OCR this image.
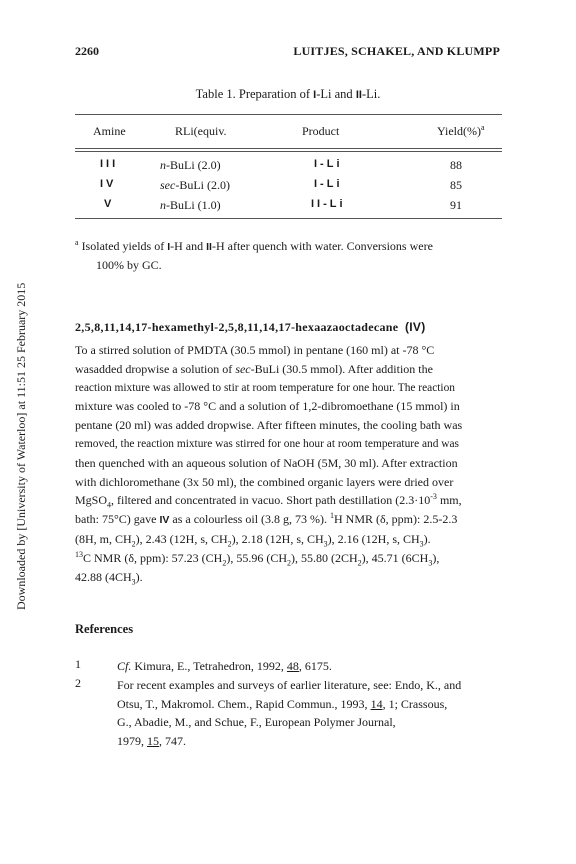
2260	LUITJES, SCHAKEL, AND KLUMPP
Table 1. Preparation of I-Li and II-Li.
Amine	RLi(equiv.	Product	Yield(%)$^a$
III	n-BuLi (2.0)	I-Li	88
IV	sec-BuLi (2.0)	I-Li	85
V	n-BuLi (1.0)	II-Li	91
$^a$ Isolated yields of I-H and II-H after quench with water. Conversions were
100% by GC.
2,5,8,11,14,17-hexamethyl-2,5,8,11,14,17-hexaazaoctadecane (IV)
To a stirred solution of PMDTA (30.5 mmol) in pentane (160 ml) at -78 °C
wasadded dropwise a solution of sec-BuLi (30.5 mmol). After addition the
reaction mixture was allowed to stir at room temperature for one hour. The reaction
mixture was cooled to -78 °C and a solution of 1,2-dibromoethane (15 mmol) in
pentane (20 ml) was added dropwise. After fifteen minutes, the cooling bath was
removed, the reaction mixture was stirred for one hour at room temperature and was
then quenched with an aqueous solution of NaOH (5M, 30 ml). After extraction
with dichloromethane (3x 50 ml), the combined organic layers were dried over
MgSO$_4$, filtered and concentrated in vacuo. Short path destillation ($2.3\cdot 10^{-3}$ mm,
bath: 75°C) gave IV as a colourless oil (3.8 g, 73 %). $^1$H NMR (δ, ppm): 2.5-2.3
(8H, m, $CH_2$), 2.43 (12H, s, $CH_2$), 2.18 (12H, s, $CH_3$), 2.16 (12H, s, $CH_3$).
$^{13}$C NMR (δ, ppm): 57.23 $(CH_2)$, 55.96 $(CH_2)$, 55.80 $(2CH_2)$, 45.71 $(6CH_3)$,
42.88 $(4CH_3)$.
References
1	Cf. Kimura, E., Tetrahedron, 1992, 48, 6175.
2	For recent examples and surveys of earlier literature, see: Endo, K., and
Otsu, T., Makromol. Chem., Rapid Commun., 1993, 14, 1; Crassous,
G., Abadie, M., and Schue, F., European Polymer Journal,
1979, 15, 747.
Downloaded by [University of Waterloo] at 11:51 25 February 2015
